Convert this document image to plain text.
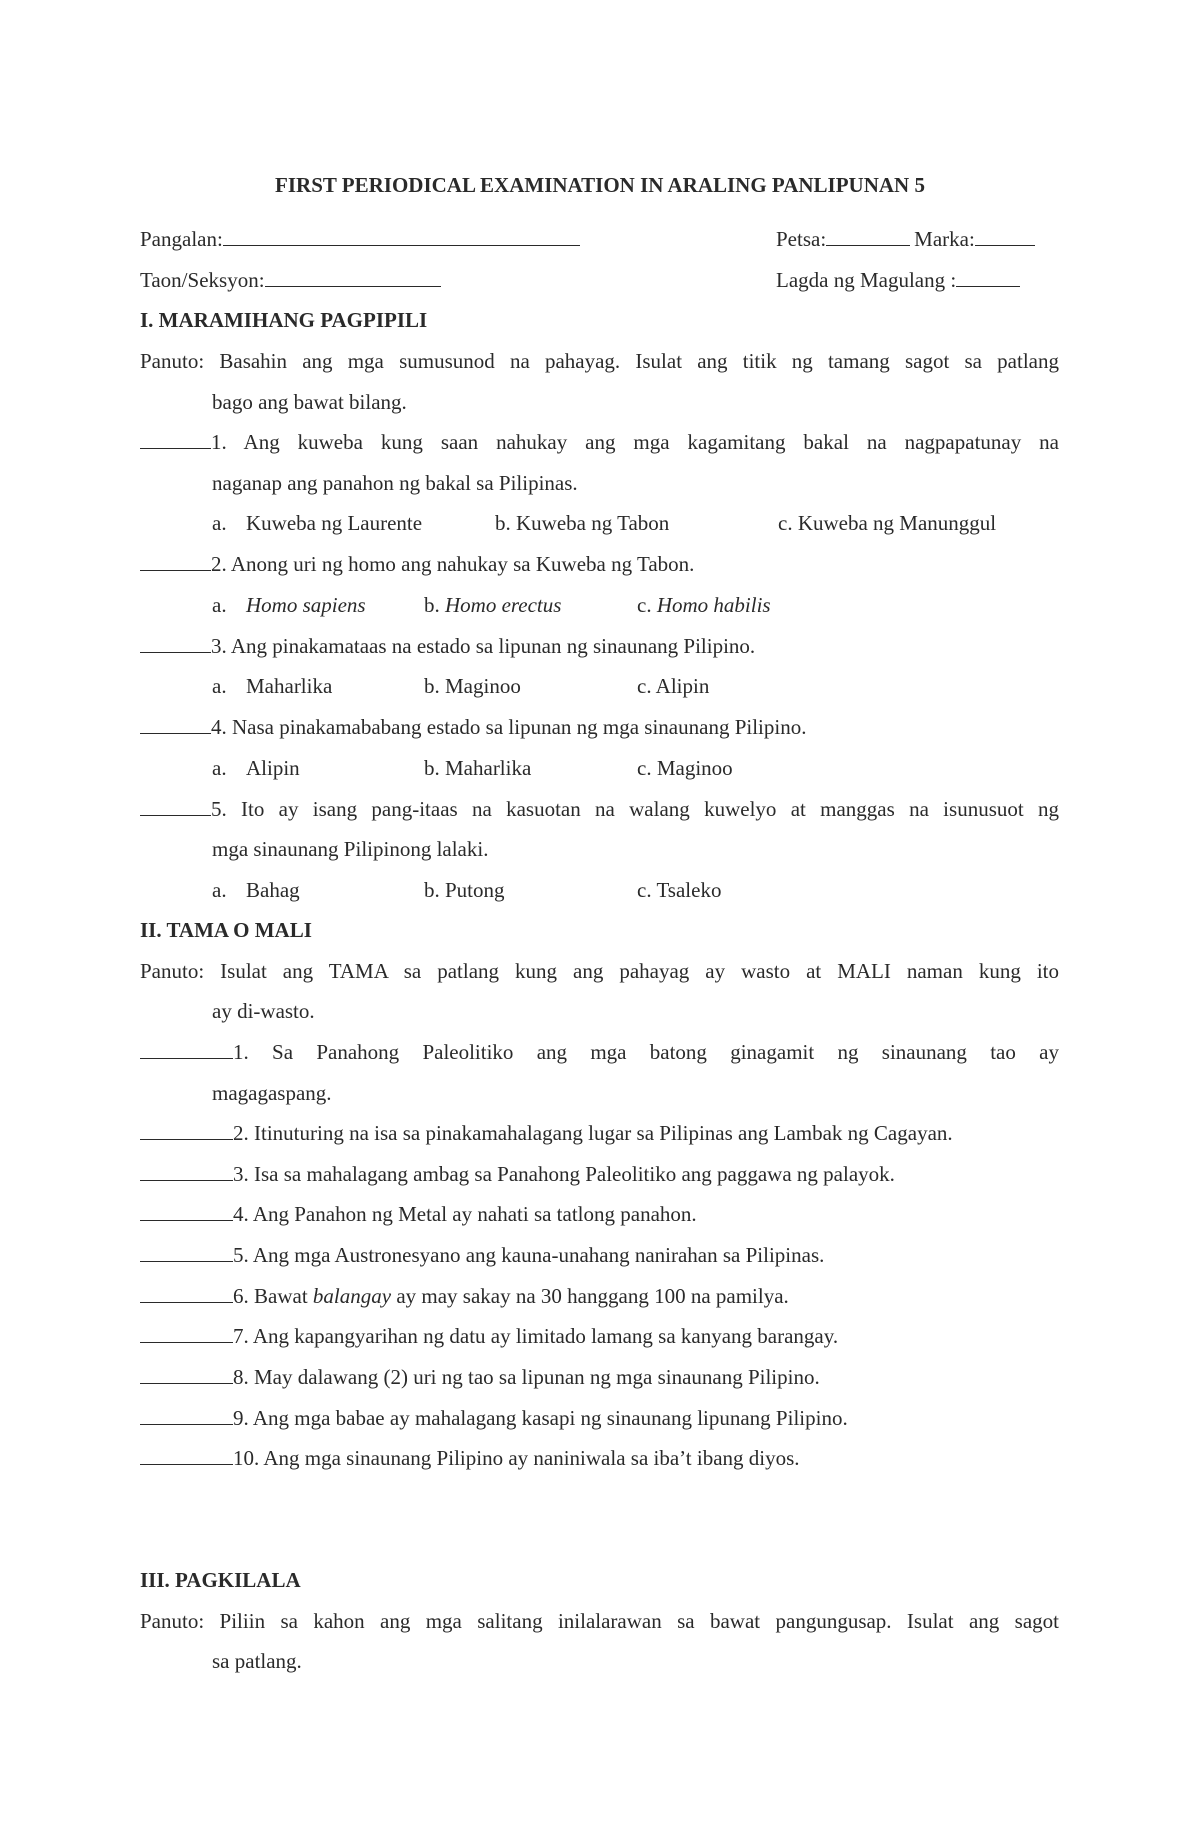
FIRST PERIODICAL EXAMINATION IN ARALING PANLIPUNAN 5
Pangalan:	Petsa:	Marka:
Taon/Seksyon:	Lagda ng Magulang :
I. MARAMIHANG PAGPIPILI
Panuto: Basahin ang mga sumusunod na pahayag. Isulat ang titik ng tamang sagot sa patlang
bago ang bawat bilang.
1. Ang kuweba kung saan nahukay ang mga kagamitang bakal na nagpapatunay na
naganap ang panahon ng bakal sa Pilipinas.
a. Kuweba ng Laurente	b. Kuweba ng Tabon	c. Kuweba ng Manunggul
2. Anong uri ng homo ang nahukay sa Kuweba ng Tabon.
a. Homo sapiens	b. Homo erectus	c. Homo habilis
3. Ang pinakamataas na estado sa lipunan ng sinaunang Pilipino.
a. Maharlika	b. Maginoo	c. Alipin
4. Nasa pinakamababang estado sa lipunan ng mga sinaunang Pilipino.
a. Alipin	b. Maharlika	c. Maginoo
5. Ito ay isang pang-itaas na kasuotan na walang kuwelyo at manggas na isunusuot ng
mga sinaunang Pilipinong lalaki.
a. Bahag	b. Putong	c. Tsaleko
II. TAMA O MALI
Panuto: Isulat ang TAMA sa patlang kung ang pahayag ay wasto at MALI naman kung ito
ay di-wasto.
1. Sa Panahong Paleolitiko ang mga batong ginagamit ng sinaunang tao ay
magagaspang.
2. Itinuturing na isa sa pinakamahalagang lugar sa Pilipinas ang Lambak ng Cagayan.
3. Isa sa mahalagang ambag sa Panahong Paleolitiko ang paggawa ng palayok.
4. Ang Panahon ng Metal ay nahati sa tatlong panahon.
5. Ang mga Austronesyano ang kauna-unahang nanirahan sa Pilipinas.
6. Bawat balangay ay may sakay na 30 hanggang 100 na pamilya.
7. Ang kapangyarihan ng datu ay limitado lamang sa kanyang barangay.
8. May dalawang (2) uri ng tao sa lipunan ng mga sinaunang Pilipino.
9. Ang mga babae ay mahalagang kasapi ng sinaunang lipunang Pilipino.
10. Ang mga sinaunang Pilipino ay naniniwala sa iba’t ibang diyos.
III. PAGKILALA
Panuto: Piliin sa kahon ang mga salitang inilalarawan sa bawat pangungusap. Isulat ang sagot
sa patlang.
